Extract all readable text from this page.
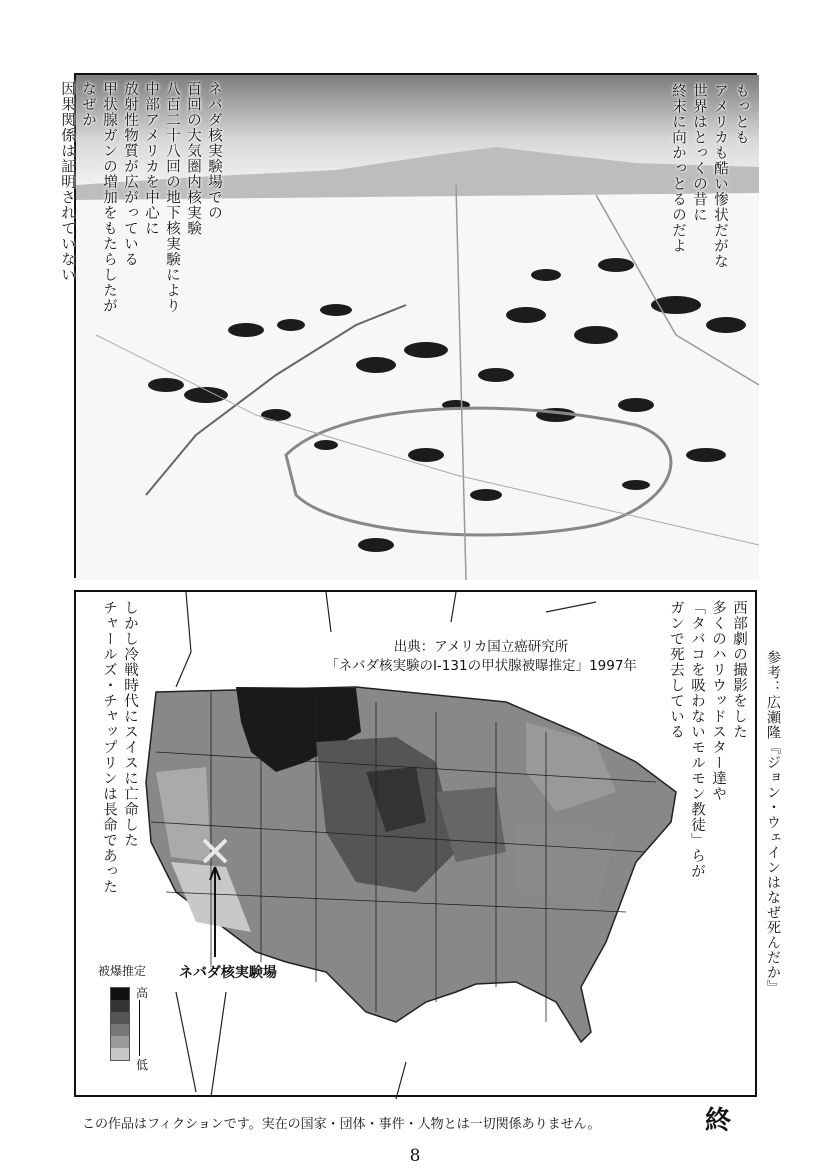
ネバダ核実験場での
百回の大気圏内核実験
八百二十八回の地下核実験により
中部アメリカを中心に
放射性物質が広がっている
甲状腺ガンの増加をもたらしたが
なぜか
因果関係は証明されていない	もっとも
アメリカも酷い惨状だがな
世界はとっくの昔に
終末に向かっとるのだよ
出典：アメリカ国立癌研究所
「ネバダ核実験のI-131の甲状腺被曝推定」1997年
被爆推定
高
低
ネバダ核実験場
しかし冷戦時代にスイスに亡命した
チャールズ・チャップリンは長命であった	西部劇の撮影をした
多くのハリウッドスター達や
「タバコを吸わないモルモン教徒」らが
ガンで死去している	参考：広瀬隆『ジョン・ウェインはなぜ死んだか』
この作品はフィクションです。実在の国家・団体・事件・人物とは一切関係ありません。	終
8
